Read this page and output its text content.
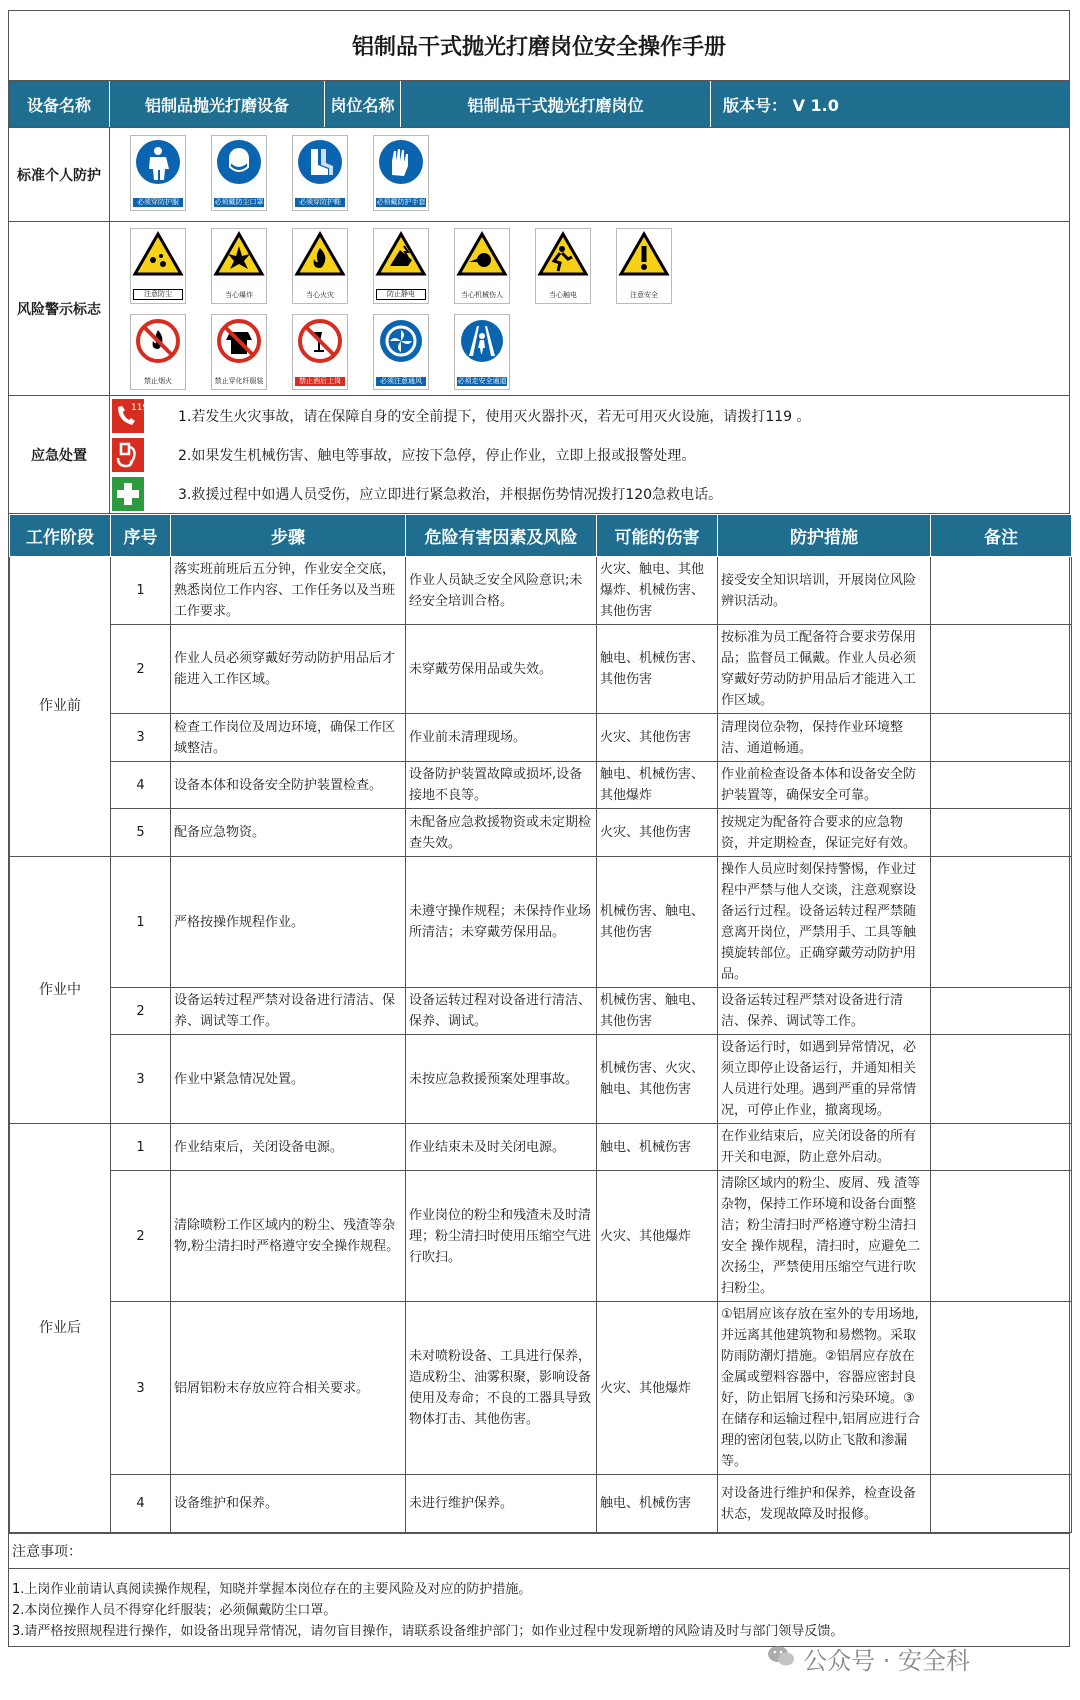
铝制品干式抛光打磨岗位安全操作手册
设备名称	铝制品抛光打磨设备	岗位名称	铝制品干式抛光打磨岗位	版本号： V 1.0
标准个人防护
必须穿防护服	必须戴防尘口罩	必须穿防护鞋	必须戴防护手套
风险警示标志
注意防尘	当心爆炸	当心火灾	防止静电	当心机械伤人	当心触电	注意安全
禁止烟火	禁止穿化纤服装	禁止酒后上岗	必须注意通风	必须走安全通道
应急处置
119
1.若发生火灾事故，请在保障自身的安全前提下，使用灭火器扑灭，若无可用灭火设施，请拨打119 。
2.如果发生机械伤害、触电等事故，应按下急停，停止作业，立即上报或报警处理。
3.救援过程中如遇人员受伤，应立即进行紧急救治，并根据伤势情况拨打120急救电话。
工作阶段	序号	步骤	危险有害因素及风险	可能的伤害	防护措施	备注
作业前	1	落实班前班后五分钟，作业安全交底，熟悉岗位工作内容、工作任务以及当班工作要求。	作业人员缺乏安全风险意识;未经安全培训合格。	火灾、触电、其他爆炸、机械伤害、其他伤害	接受安全知识培训，开展岗位风险辨识活动。	
	2	作业人员必须穿戴好劳动防护用品后才能进入工作区域。	未穿戴劳保用品或失效。	触电、机械伤害、其他伤害	按标准为员工配备符合要求劳保用品；监督员工佩戴。作业人员必须穿戴好劳动防护用品后才能进入工作区域。	
	3	检查工作岗位及周边环境，确保工作区域整洁。	作业前未清理现场。	火灾、其他伤害	清理岗位杂物，保持作业环境整洁、通道畅通。	
	4	设备本体和设备安全防护装置检查。	设备防护装置故障或损坏,设备接地不良等。	触电、机械伤害、其他爆炸	作业前检查设备本体和设备安全防护装置等，确保安全可靠。	
	5	配备应急物资。	未配备应急救援物资或未定期检查失效。	火灾、其他伤害	按规定为配备符合要求的应急物资，并定期检查，保证完好有效。	
作业中	1	严格按操作规程作业。	未遵守操作规程；未保持作业场所清洁；未穿戴劳保用品。	机械伤害、触电、其他伤害	操作人员应时刻保持警惕，作业过程中严禁与他人交谈，注意观察设备运行过程。设备运转过程严禁随意离开岗位，严禁用手、工具等触摸旋转部位。正确穿戴劳动防护用品。	
	2	设备运转过程严禁对设备进行清洁、保养、调试等工作。	设备运转过程对设备进行清洁、保养、调试。	机械伤害、触电、其他伤害	设备运转过程严禁对设备进行清洁、保养、调试等工作。	
	3	作业中紧急情况处置。	未按应急救援预案处理事故。	机械伤害、火灾、触电、其他伤害	设备运行时，如遇到异常情况，必须立即停止设备运行，并通知相关人员进行处理。遇到严重的异常情况，可停止作业，撤离现场。	
作业后	1	作业结束后，关闭设备电源。	作业结束未及时关闭电源。	触电、机械伤害	在作业结束后，应关闭设备的所有开关和电源，防止意外启动。	
	2	清除喷粉工作区域内的粉尘、残渣等杂物,粉尘清扫时严格遵守安全操作规程。	作业岗位的粉尘和残渣未及时清理；粉尘清扫时使用压缩空气进行吹扫。	火灾、其他爆炸	清除区域内的粉尘、废屑、残 渣等杂物，保持工作环境和设备台面整洁；粉尘清扫时严格遵守粉尘清扫安全 操作规程，清扫时，应避免二次扬尘，严禁使用压缩空气进行吹扫粉尘。	
	3	铝屑铝粉末存放应符合相关要求。	未对喷粉设备、工具进行保养，造成粉尘、油雾积聚，影响设备使用及寿命；不良的工器具导致物体打击、其他伤害。	火灾、其他爆炸	①铝屑应该存放在室外的专用场地,并远离其他建筑物和易燃物。采取防雨防潮灯措施。②铝屑应存放在金属或塑料容器中，容器应密封良好，防止铝屑飞扬和污染环境。③在储存和运输过程中,铝屑应进行合理的密闭包装,以防止飞散和渗漏等。	
	4	设备维护和保养。	未进行维护保养。	触电、机械伤害	对设备进行维护和保养，检查设备状态，发现故障及时报修。	
注意事项：
1.上岗作业前请认真阅读操作规程，知晓并掌握本岗位存在的主要风险及对应的防护措施。
2.本岗位操作人员不得穿化纤服装；必须佩戴防尘口罩。
3.请严格按照规程进行操作，如设备出现异常情况，请勿盲目操作，请联系设备维护部门；如作业过程中发现新增的风险请及时与部门领导反馈。
公众号 · 安全科
